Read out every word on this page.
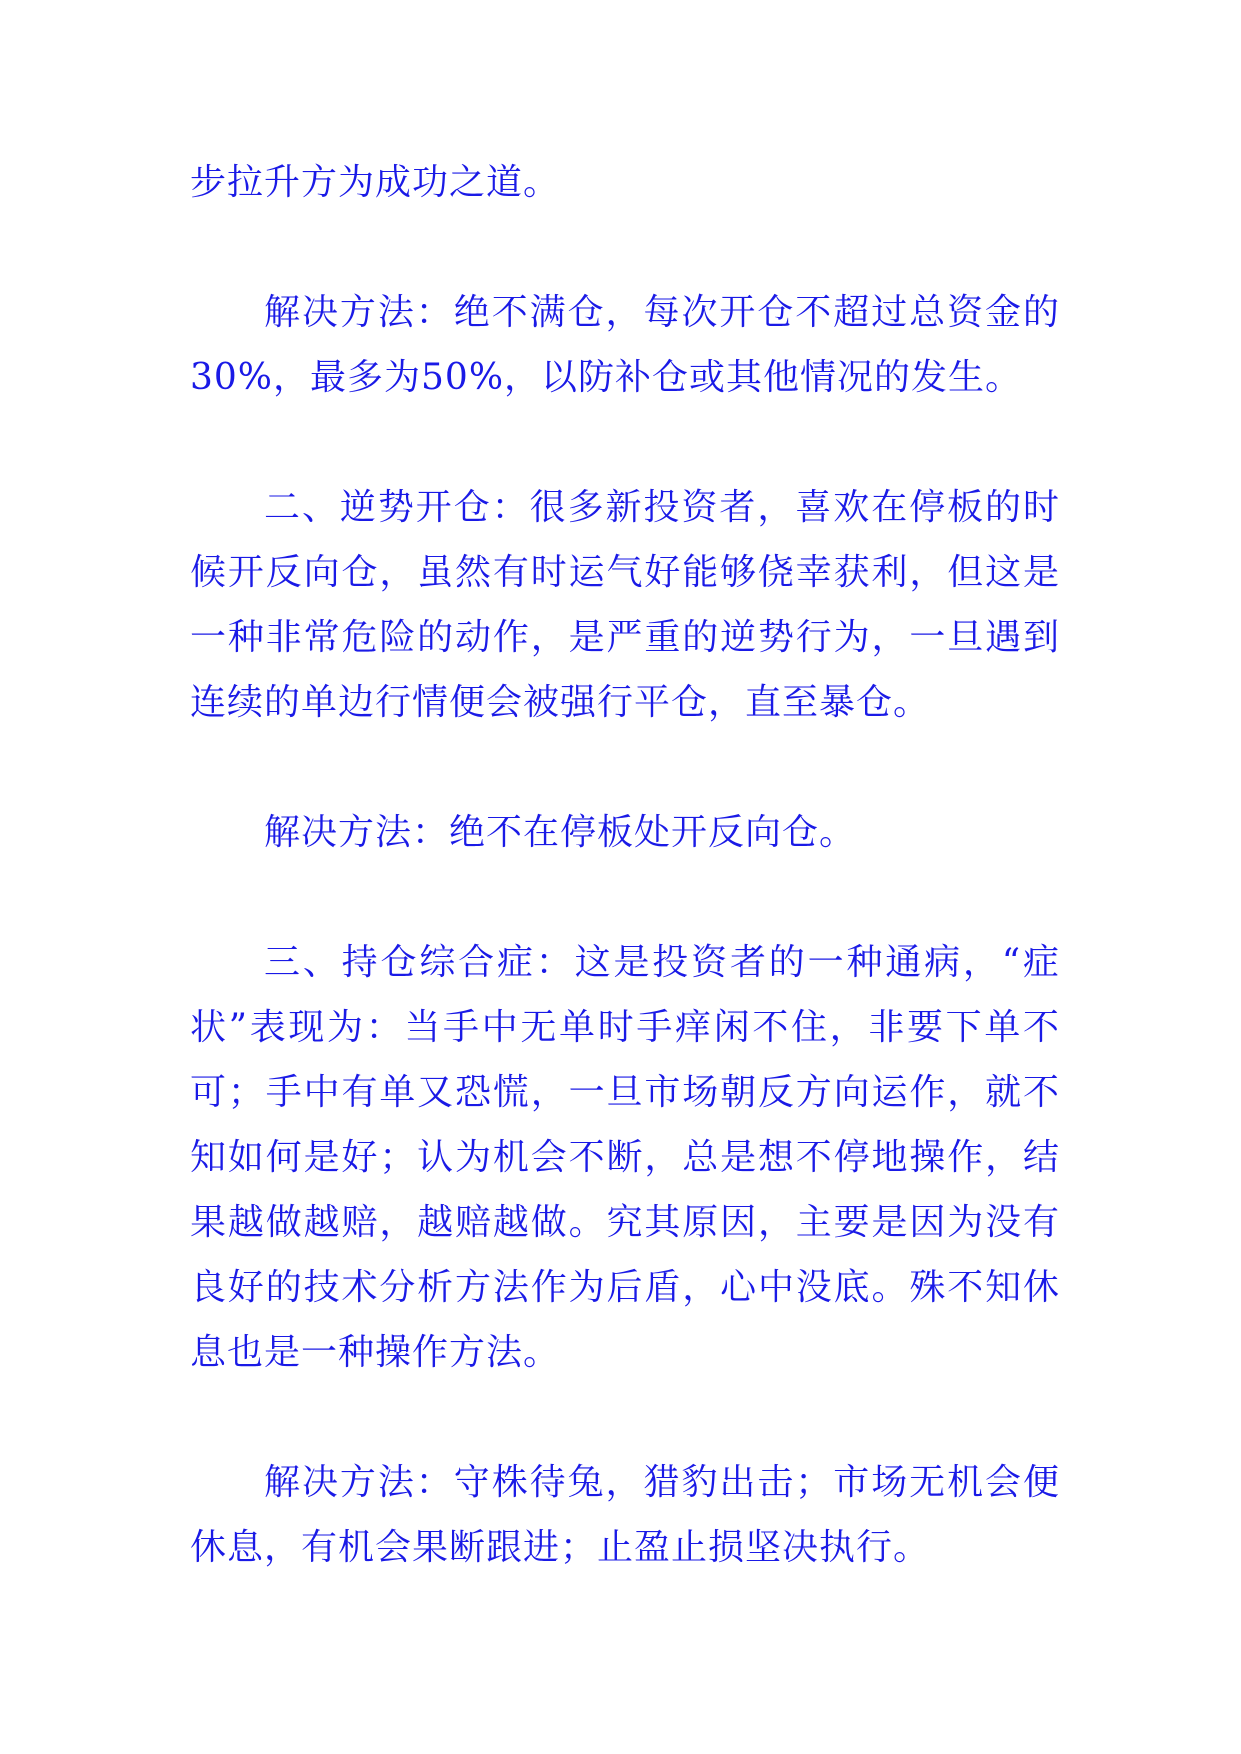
步拉升方为成功之道。

解决方法：绝不满仓，每次开仓不超过总资金的30%，最多为50%，以防补仓或其他情况的发生。

二、逆势开仓：很多新投资者，喜欢在停板的时候开反向仓，虽然有时运气好能够侥幸获利，但这是一种非常危险的动作，是严重的逆势行为，一旦遇到连续的单边行情便会被强行平仓，直至暴仓。

解决方法：绝不在停板处开反向仓。

三、持仓综合症：这是投资者的一种通病，“症状”表现为：当手中无单时手痒闲不住，非要下单不可；手中有单又恐慌，一旦市场朝反方向运作，就不知如何是好；认为机会不断，总是想不停地操作，结果越做越赔，越赔越做。究其原因，主要是因为没有良好的技术分析方法作为后盾，心中没底。殊不知休息也是一种操作方法。

解决方法：守株待兔，猎豹出击；市场无机会便休息，有机会果断跟进；止盈止损坚决执行。
